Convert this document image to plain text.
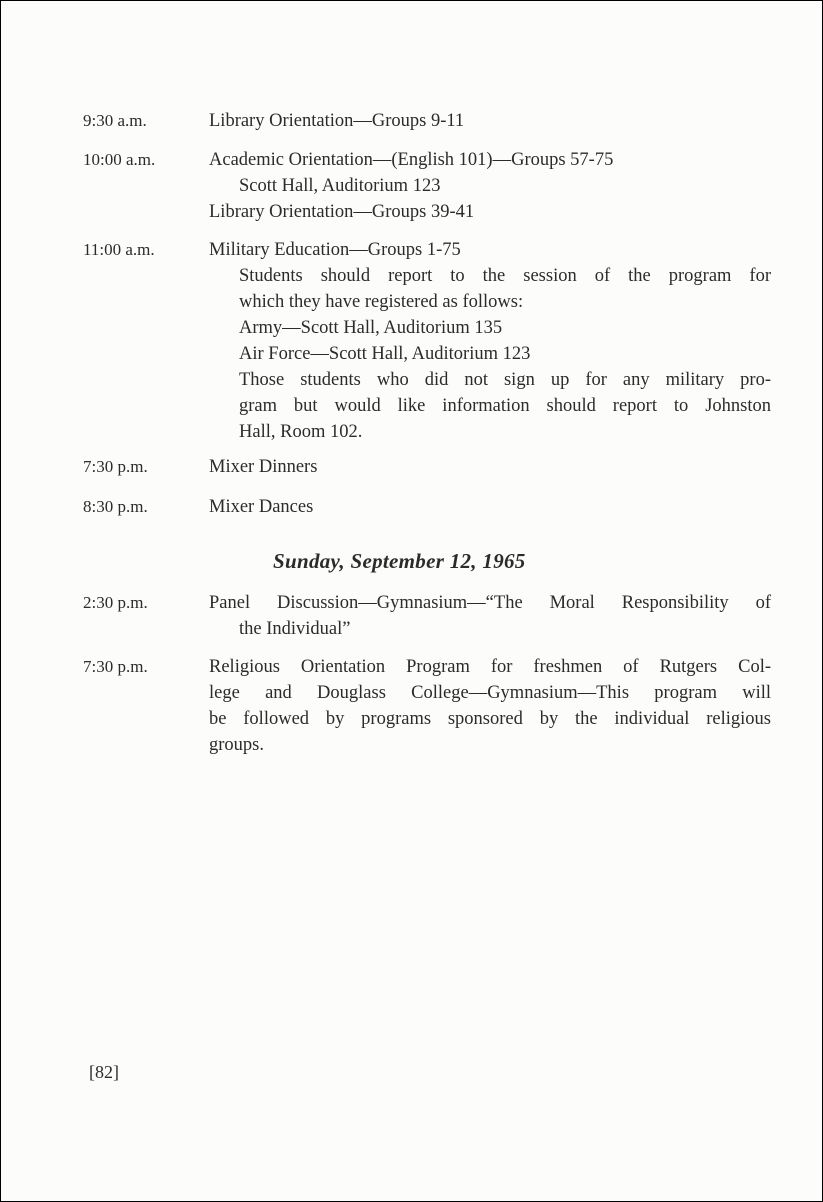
9:30 a.m.	Library Orientation—Groups 9-11
10:00 a.m.	Academic Orientation—(English 101)—Groups 57-75
Scott Hall, Auditorium 123
Library Orientation—Groups 39-41
11:00 a.m.	Military Education—Groups 1-75
Students should report to the session of the program for
which they have registered as follows:
Army—Scott Hall, Auditorium 135
Air Force—Scott Hall, Auditorium 123
Those students who did not sign up for any military pro-
gram but would like information should report to Johnston
Hall, Room 102.
7:30 p.m.	Mixer Dinners
8:30 p.m.	Mixer Dances
Sunday, September 12, 1965
2:30 p.m.	Panel Discussion—Gymnasium—“The Moral Responsibility of
the Individual”
7:30 p.m.	Religious Orientation Program for freshmen of Rutgers Col-
lege and Douglass College—Gymnasium—This program will
be followed by programs sponsored by the individual religious
groups.
[82]
